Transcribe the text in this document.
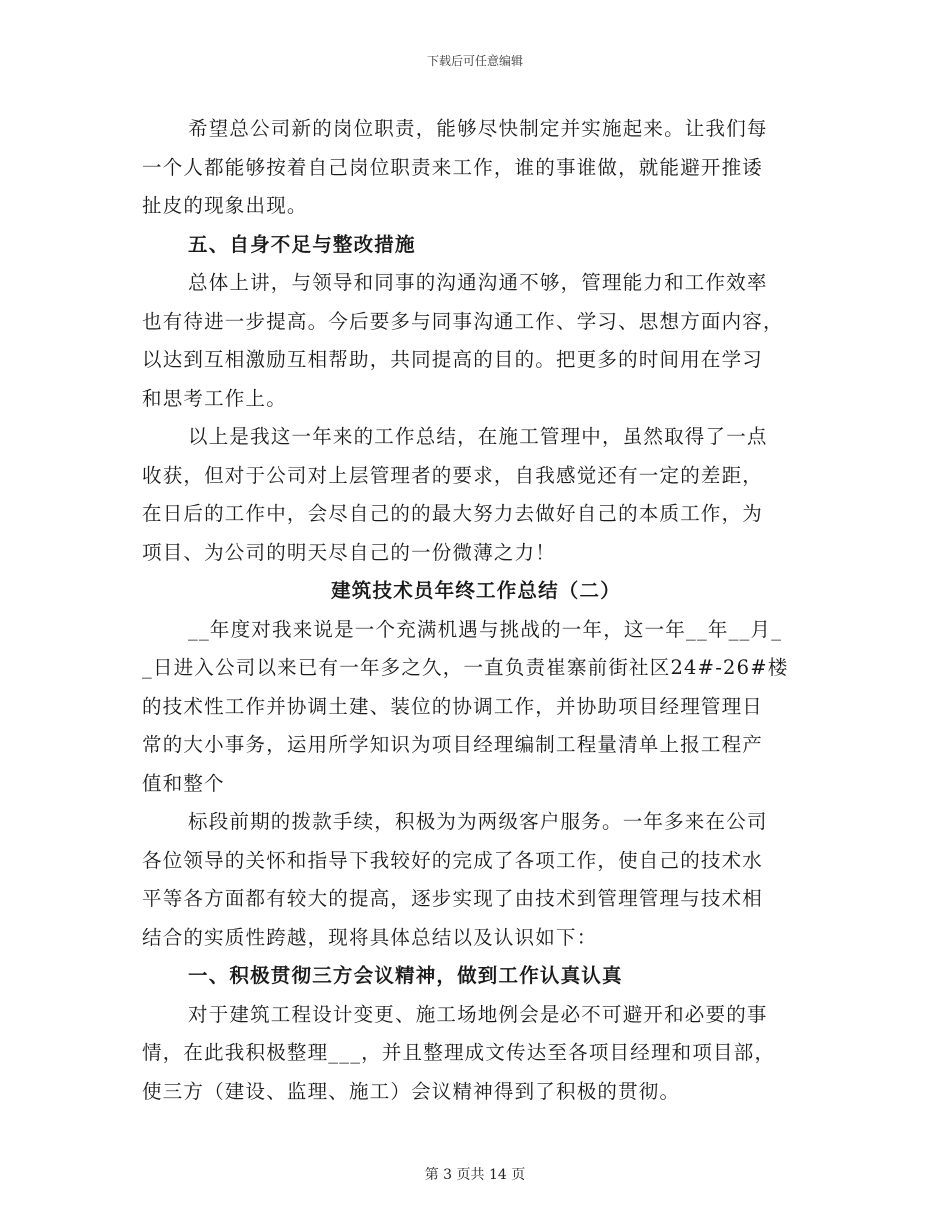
下载后可任意编辑
希望总公司新的岗位职责，能够尽快制定并实施起来。让我们每
一个人都能够按着自己岗位职责来工作，谁的事谁做，就能避开推诿
扯皮的现象出现。
五、自身不足与整改措施
总体上讲，与领导和同事的沟通沟通不够，管理能力和工作效率
也有待进一步提高。今后要多与同事沟通工作、学习、思想方面内容，
以达到互相激励互相帮助，共同提高的目的。把更多的时间用在学习
和思考工作上。
以上是我这一年来的工作总结，在施工管理中，虽然取得了一点
收获，但对于公司对上层管理者的要求，自我感觉还有一定的差距，
在日后的工作中，会尽自己的的最大努力去做好自己的本质工作，为
项目、为公司的明天尽自己的一份微薄之力！
建筑技术员年终工作总结（二）
__年度对我来说是一个充满机遇与挑战的一年，这一年__年__月_
_日进入公司以来已有一年多之久，一直负责崔寨前街社区24#-26#楼
的技术性工作并协调土建、装位的协调工作，并协助项目经理管理日
常的大小事务，运用所学知识为项目经理编制工程量清单上报工程产
值和整个
标段前期的拨款手续，积极为为两级客户服务。一年多来在公司
各位领导的关怀和指导下我较好的完成了各项工作，使自己的技术水
平等各方面都有较大的提高，逐步实现了由技术到管理管理与技术相
结合的实质性跨越，现将具体总结以及认识如下：
一、积极贯彻三方会议精神，做到工作认真认真
对于建筑工程设计变更、施工场地例会是必不可避开和必要的事
情，在此我积极整理___，并且整理成文传达至各项目经理和项目部，
使三方（建设、监理、施工）会议精神得到了积极的贯彻。
第 3 页共 14 页
